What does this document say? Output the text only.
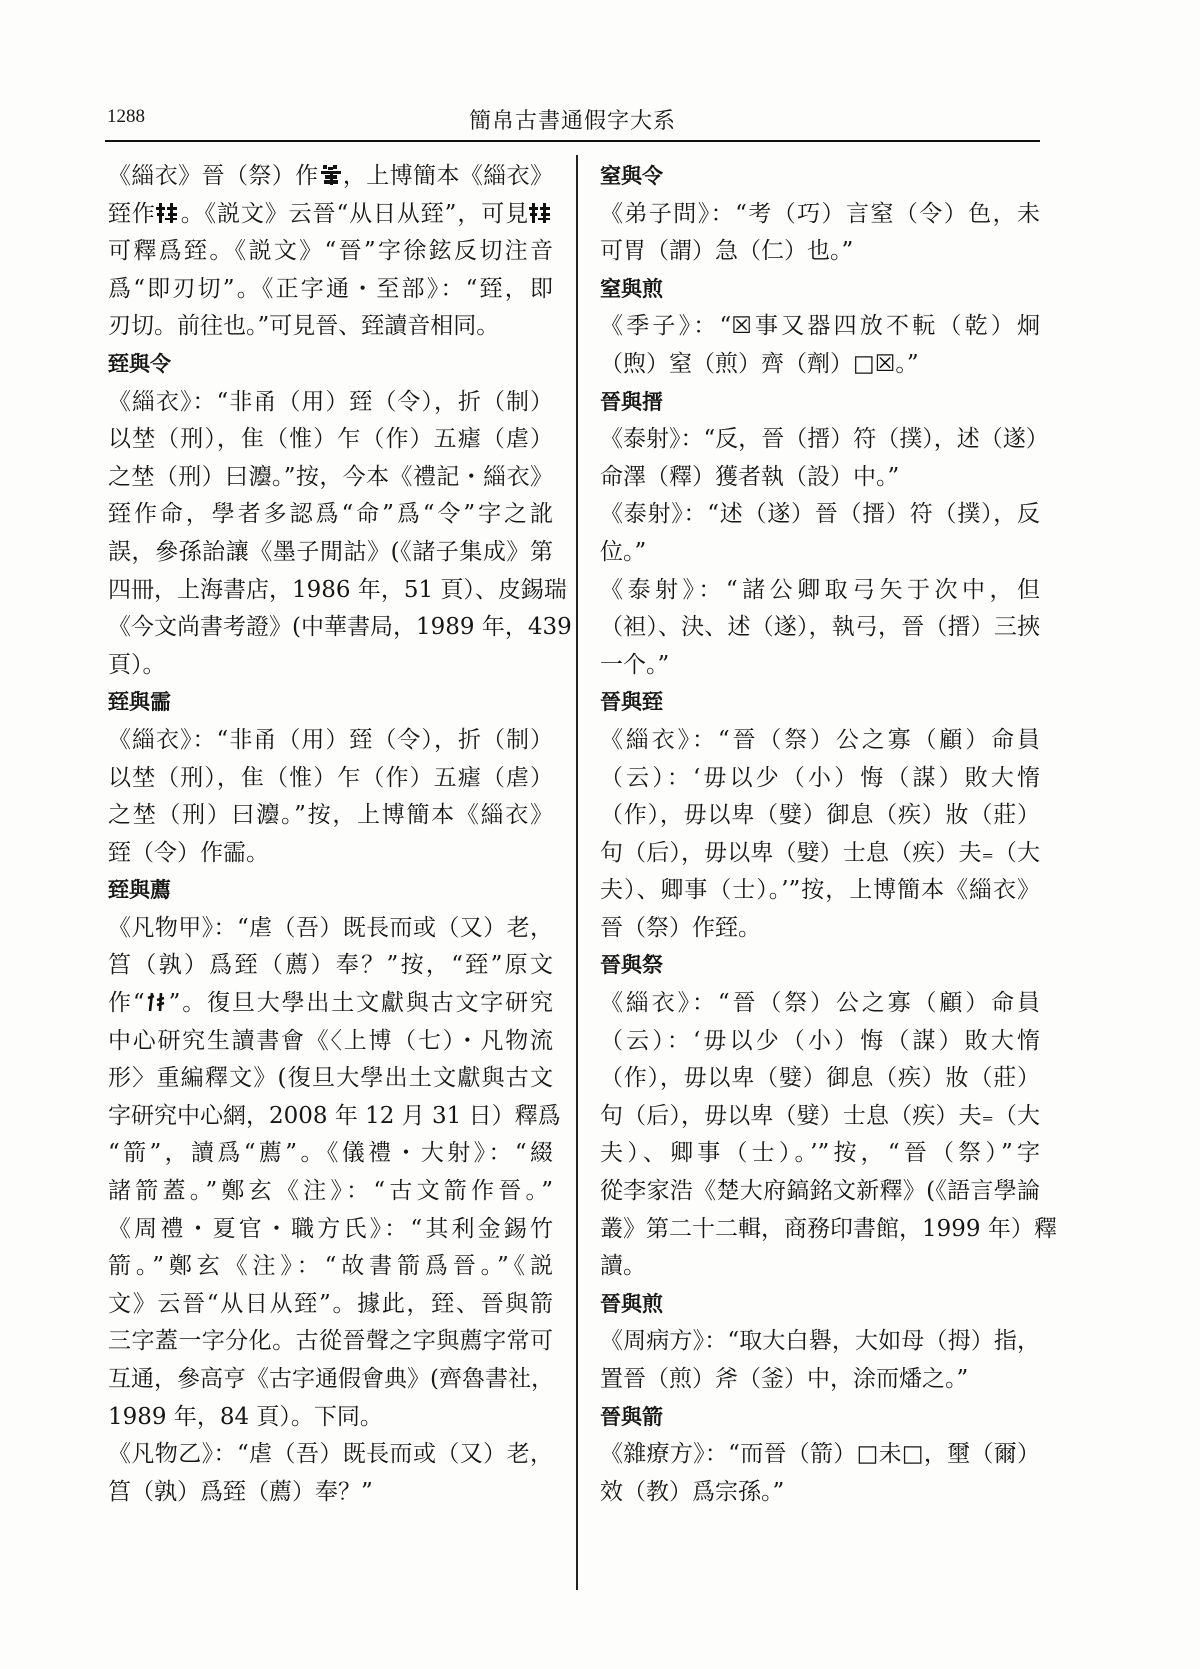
1288	簡帛古書通假字大系
《緇衣》晉（祭）作 ，上博簡本《緇衣》
臸作 。《説文》云晉“从日从臸”，可見
可釋爲臸。《説文》“晉”字徐鉉反切注音
爲“即刃切”。《正字通・至部》：“臸，即
刃切。前往也。”可見晉、臸讀音相同。
臸與令
《緇衣》：“非甬（用）臸（令），折（制）
以埜（刑），隹（惟）乍（作）五瘧（虐）
之埜（刑）曰灋。”按，今本《禮記・緇衣》
臸作命，學者多認爲“命”爲“令”字之訛
誤，參孫詒讓《墨子閒詁》(《諸子集成》第
四冊，上海書店，1986 年，51 頁）、皮錫瑞
《今文尚書考證》(中華書局，1989 年，439
頁）。
臸與霝
《緇衣》：“非甬（用）臸（令），折（制）
以埜（刑），隹（惟）乍（作）五瘧（虐）
之埜（刑）曰灋。”按，上博簡本《緇衣》
臸（令）作霝。
臸與薦
《凡物甲》：“虐（吾）既長而或（又）老，
筥（孰）爲臸（薦）奉？”按，“臸”原文
作“ ”。復旦大學出土文獻與古文字研究
中心研究生讀書會《〈上博（七）・凡物流
形〉重編釋文》(復旦大學出土文獻與古文
字研究中心網，2008 年 12 月 31 日）釋爲
“箭”，讀爲“薦”。《儀禮・大射》：“綴
諸箭蓋。”鄭玄《注》：“古文箭作晉。”
《周禮・夏官・職方氏》：“其利金錫竹
箭。”鄭玄《注》：“故書箭爲晉。”《説
文》云晉“从日从臸”。據此，臸、晉與箭
三字蓋一字分化。古從晉聲之字與薦字常可
互通，參高亨《古字通假會典》(齊魯書社，
1989 年，84 頁）。下同。
《凡物乙》：“虐（吾）既長而或（又）老，
筥（孰）爲臸（薦）奉？”
窒與令
《弟子問》：“考（巧）言窒（令）色，未
可胃（謂）急（仁）也。”
窒與煎
《季子》：“☒事又器四放不䡇（乾）炯
（煦）窒（煎）齊（劑）□☒。”
晉與搢
《泰射》：“反，晉（搢）符（撲），述（遂）
命澤（釋）獲者執（設）中。”
《泰射》：“述（遂）晉（搢）符（撲），反
位。”
《泰射》：“諸公卿取弓矢于次中，但
（袒）、決、述（遂），執弓，晉（搢）三挾
一个。”
晉與臸
《緇衣》：“晉（祭）公之寡（顧）命員
（云）：‘毋以少（小）悔（謀）敗大惰
（作），毋以卑（嬖）御息（疾）妝（莊）
句（后），毋以卑（嬖）士息（疾）夫₌（大
夫）、卿事（士）。’”按，上博簡本《緇衣》
晉（祭）作臸。
晉與祭
《緇衣》：“晉（祭）公之寡（顧）命員
（云）：‘毋以少（小）悔（謀）敗大惰
（作），毋以卑（嬖）御息（疾）妝（莊）
句（后），毋以卑（嬖）士息（疾）夫₌（大
夫）、卿事（士）。’”按，“晉（祭）”字
從李家浩《楚大府鎬銘文新釋》(《語言學論
叢》第二十二輯，商務印書館，1999 年）釋
讀。
晉與煎
《周病方》：“取大白礜，大如母（拇）指，
置晉（煎）斧（釜）中，涂而燔之。”
晉與箭
《雜療方》：“而晉（箭）□未□，壐（爾）
效（教）爲宗孫。”
